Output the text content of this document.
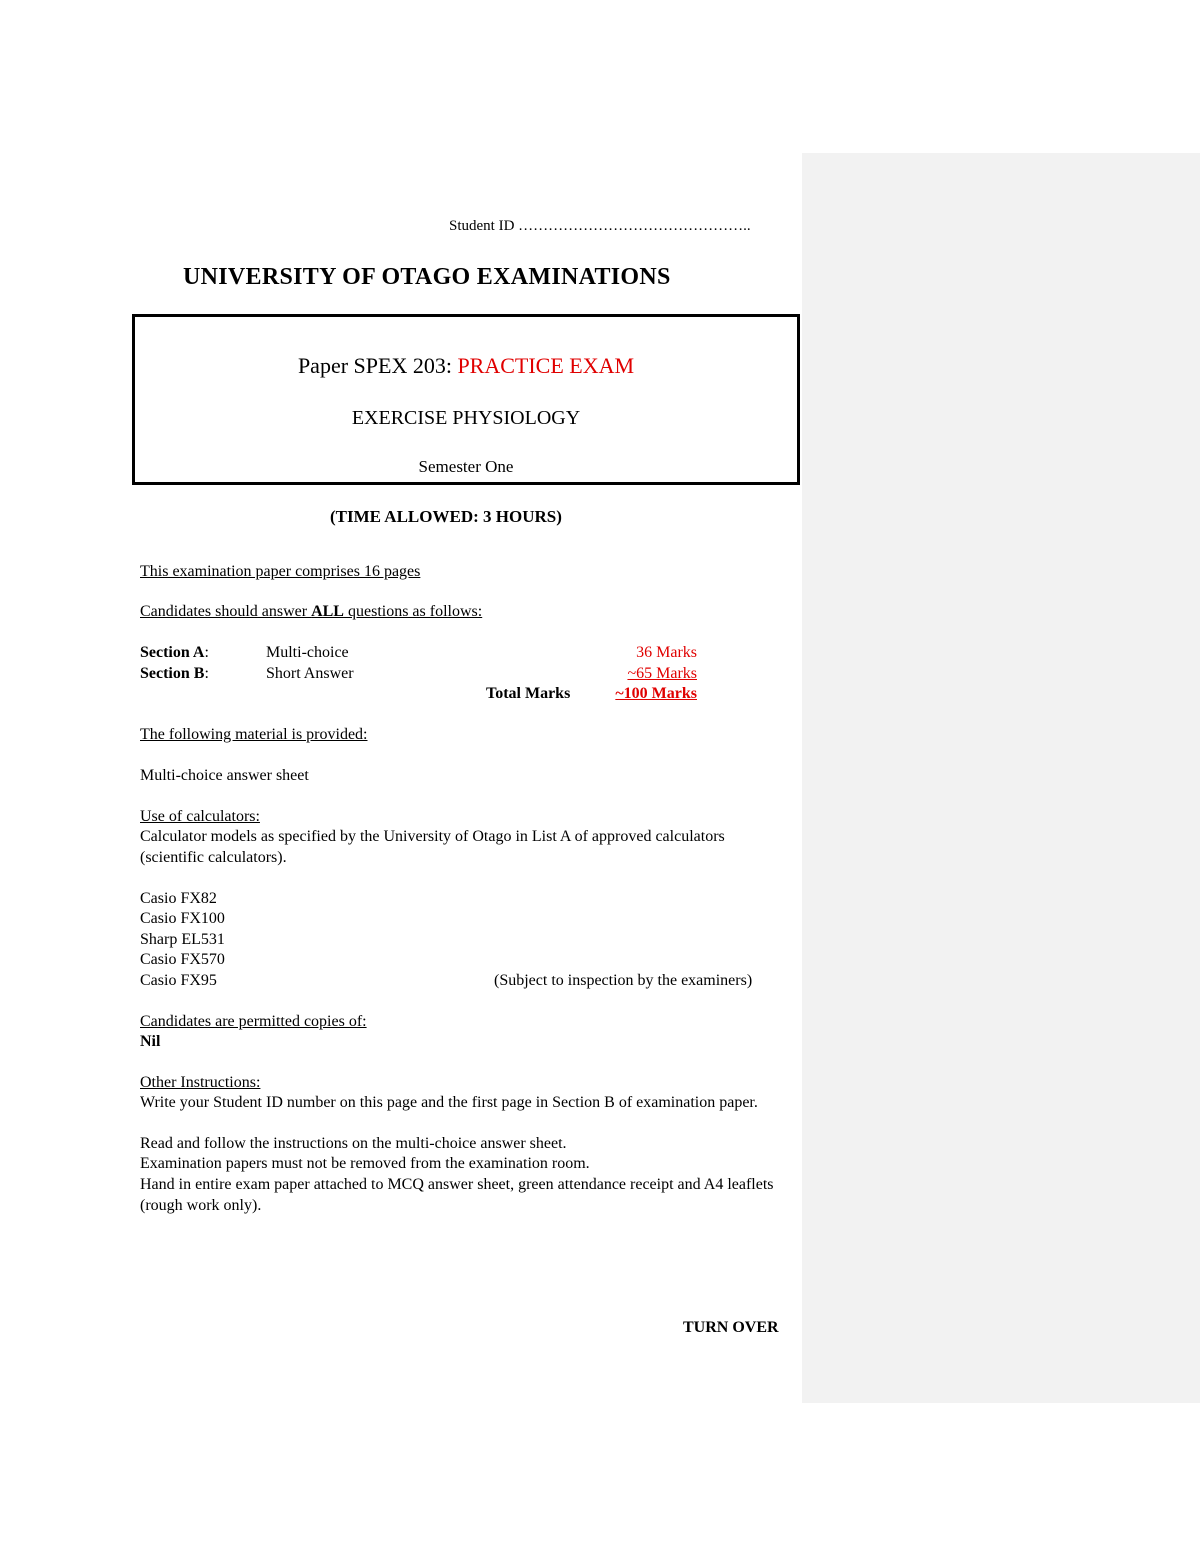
Student ID ………………………………………..
UNIVERSITY OF OTAGO EXAMINATIONS
Paper SPEX 203: PRACTICE EXAM
EXERCISE PHYSIOLOGY
Semester One
(TIME ALLOWED: 3 HOURS)
This examination paper comprises 16 pages
Candidates should answer ALL questions as follows:
Section A:	Multi-choice	36 Marks
Section B:	Short Answer	~65 Marks
Total Marks	~100 Marks
The following material is provided:
Multi-choice answer sheet
Use of calculators:
Calculator models as specified by the University of Otago in List A of approved calculators (scientific calculators).
Casio FX82
Casio FX100
Sharp EL531
Casio FX570
Casio FX95	(Subject to inspection by the examiners)
Candidates are permitted copies of:
Nil
Other Instructions:
Write your Student ID number on this page and the first page in Section B of examination paper.
Read and follow the instructions on the multi-choice answer sheet.
Examination papers must not be removed from the examination room.
Hand in entire exam paper attached to MCQ answer sheet, green attendance receipt and A4 leaflets (rough work only).
TURN OVER
